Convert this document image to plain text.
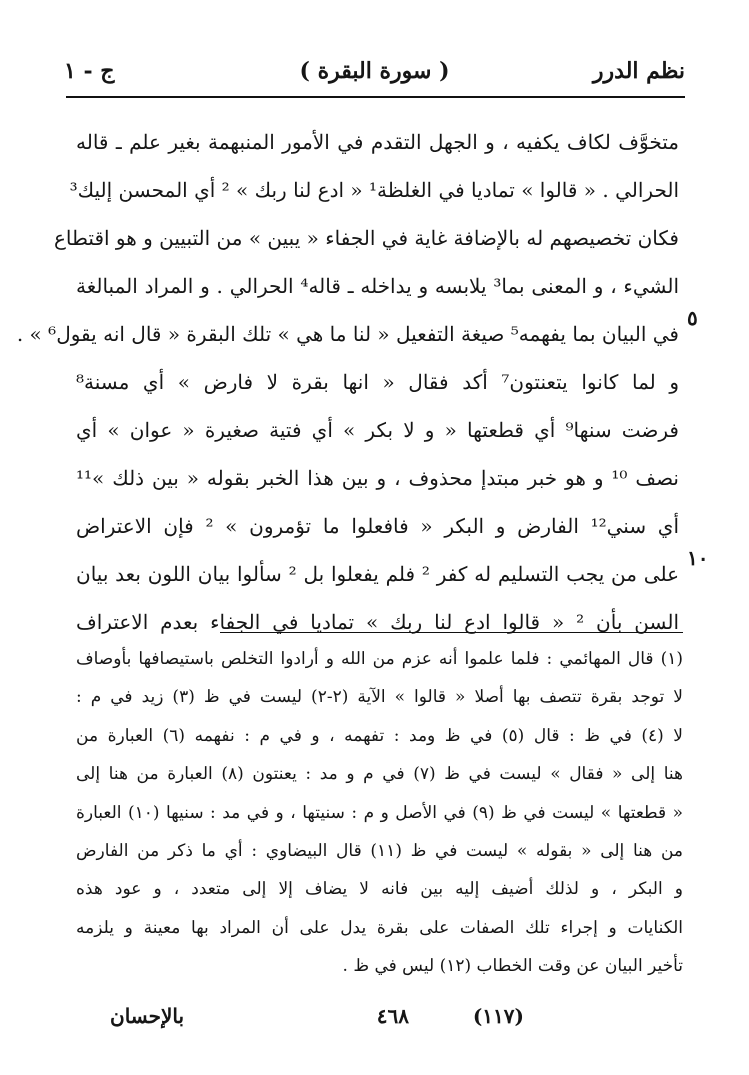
نظم الدرر
( سورة البقرة )
ج - ١
٥
١٠
متخوَّف لكاف يكفيه ، و الجهل التقدم في الأمور المنبهمة بغير علم ـ قاله
الحرالي . « قالوا » تماديا في الغلظة¹ « ادع لنا ربك » ² أي المحسن إليك³
فكان تخصيصهم له بالإضافة غاية في الجفاء « يبين » من التبيين و هو اقتطاع
الشيء ، و المعنى بما³ يلابسه و يداخله ـ قاله⁴ الحرالي . و المراد المبالغة
في البيان بما يفهمه⁵ صيغة التفعيل « لنا ما هي » تلك البقرة « قال انه يقول⁶ » .
و لما كانوا يتعنتون⁷ أكد فقال « انها بقرة لا فارض » أي مسنة⁸
فرضت سنها⁹ أي قطعتها « و لا بكر » أي فتية صغيرة « عوان » أي
نصف ¹⁰ و هو خبر مبتدإ محذوف ، و بين هذا الخبر بقوله « بين ذلك »¹¹
أي سني¹² الفارض و البكر « فافعلوا ما تؤمرون » ² فإن الاعتراض
على من يجب التسليم له كفر ² فلم يفعلوا بل ² سألوا بيان اللون بعد بيان
السن بأن ² « قالوا ادع لنا ربك » تماديا في الجفاء بعدم الاعتراف
(١) قال المهائمي : فلما علموا أنه عزم من الله و أرادوا التخلص باستيصافها بأوصاف
لا توجد بقرة تتصف بها أصلا « قالوا » الآية (٢-٢) ليست في ظ (٣) زيد في م :
لا (٤) في ظ : قال (٥) في ظ ومد : تفهمه ، و في م : نفهمه (٦) العبارة من
هنا إلى « فقال » ليست في ظ (٧) في م و مد : يعنتون (٨) العبارة من هنا إلى
« قطعتها » ليست في ظ (٩) في الأصل و م : سنيتها ، و في مد : سنيها (١٠) العبارة
من هنا إلى « بقوله » ليست في ظ (١١) قال البيضاوي : أي ما ذكر من الفارض
و البكر ، و لذلك أضيف إليه بين فانه لا يضاف إلا إلى متعدد ، و عود هذه
الكنايات و إجراء تلك الصفات على بقرة يدل على أن المراد بها معينة و يلزمه
تأخير البيان عن وقت الخطاب (١٢) ليس في ظ .
٤٦٨	(١١٧)
بالإحسان
